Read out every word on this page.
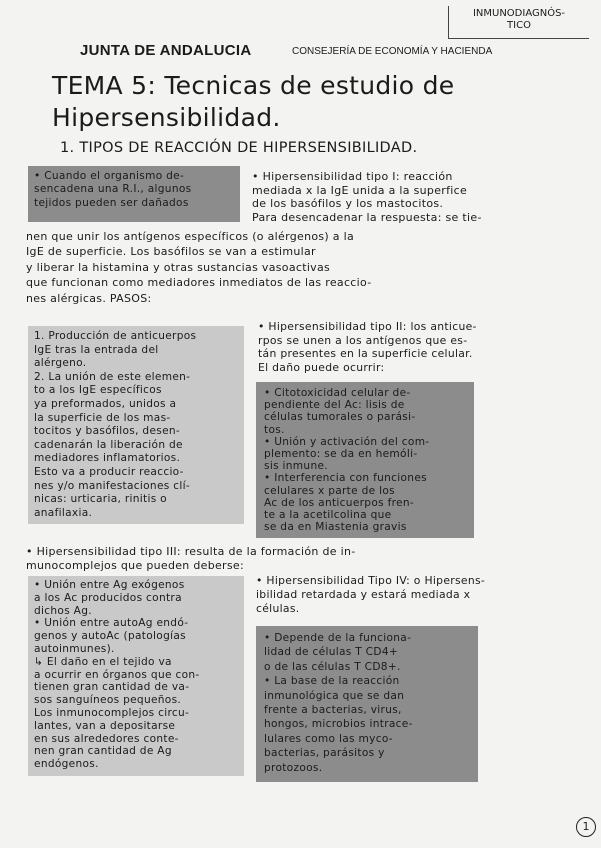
INMUNODIAGNÓS-
TICO
JUNTA DE ANDALUCIA	CONSEJERÍA DE ECONOMÍA Y HACIENDA
TEMA 5: Tecnicas de estudio de
Hipersensibilidad.
1. TIPOS DE REACCIÓN DE HIPERSENSIBILIDAD.
• Cuando el organismo de-
sencadena una R.I., algunos
tejidos pueden ser dañados
• Hipersensibilidad tipo I: reacción
mediada x la IgE unida a la superfice
de los basófilos y los mastocitos.
Para desencadenar la respuesta: se tie-
nen que unir los antígenos específicos (o alérgenos) a la
IgE de superficie. Los basófilos se van a estimular
y liberar la histamina y otras sustancias vasoactivas
que funcionan como mediadores inmediatos de las reaccio-
nes alérgicas. PASOS:
1. Producción de anticuerpos
IgE tras la entrada del
alérgeno.
2. La unión de este elemen-
to a los IgE específicos
ya preformados, unidos a
la superficie de los mas-
tocitos y basófilos, desen-
cadenarán la liberación de
mediadores inflamatorios.
Esto va a producir reaccio-
nes y/o manifestaciones clí-
nicas: urticaria, rinitis o
anafilaxia.
• Hipersensibilidad tipo II: los anticue-
rpos se unen a los antígenos que es-
tán presentes en la superficie celular.
El daño puede ocurrir:
• Citotoxicidad celular de-
pendiente del Ac: lisis de
células tumorales o parási-
tos.
• Unión y activación del com-
plemento: se da en hemóli-
sis inmune.
• Interferencia con funciones
celulares x parte de los
Ac de los anticuerpos fren-
te a la acetilcolina que
se da en Miastenia gravis
• Hipersensibilidad tipo III: resulta de la formación de in-
munocomplejos que pueden deberse:
• Unión entre Ag exógenos
a los Ac producidos contra
dichos Ag.
• Unión entre autoAg endó-
genos y autoAc (patologías
autoinmunes).
↳ El daño en el tejido va
a ocurrir en órganos que con-
tienen gran cantidad de va-
sos sanguíneos pequeños.
Los inmunocomplejos circu-
lantes, van a depositarse
en sus alrededores conte-
nen gran cantidad de Ag
endógenos.
• Hipersensibilidad Tipo IV: o Hipersens-
ibilidad retardada y estará mediada x
células.
• Depende de la funciona-
lidad de células T CD4+
o de las células T CD8+.
• La base de la reacción
inmunológica que se dan
frente a bacterias, virus,
hongos, microbios intrace-
lulares como las myco-
bacterias, parásitos y
protozoos.
1
